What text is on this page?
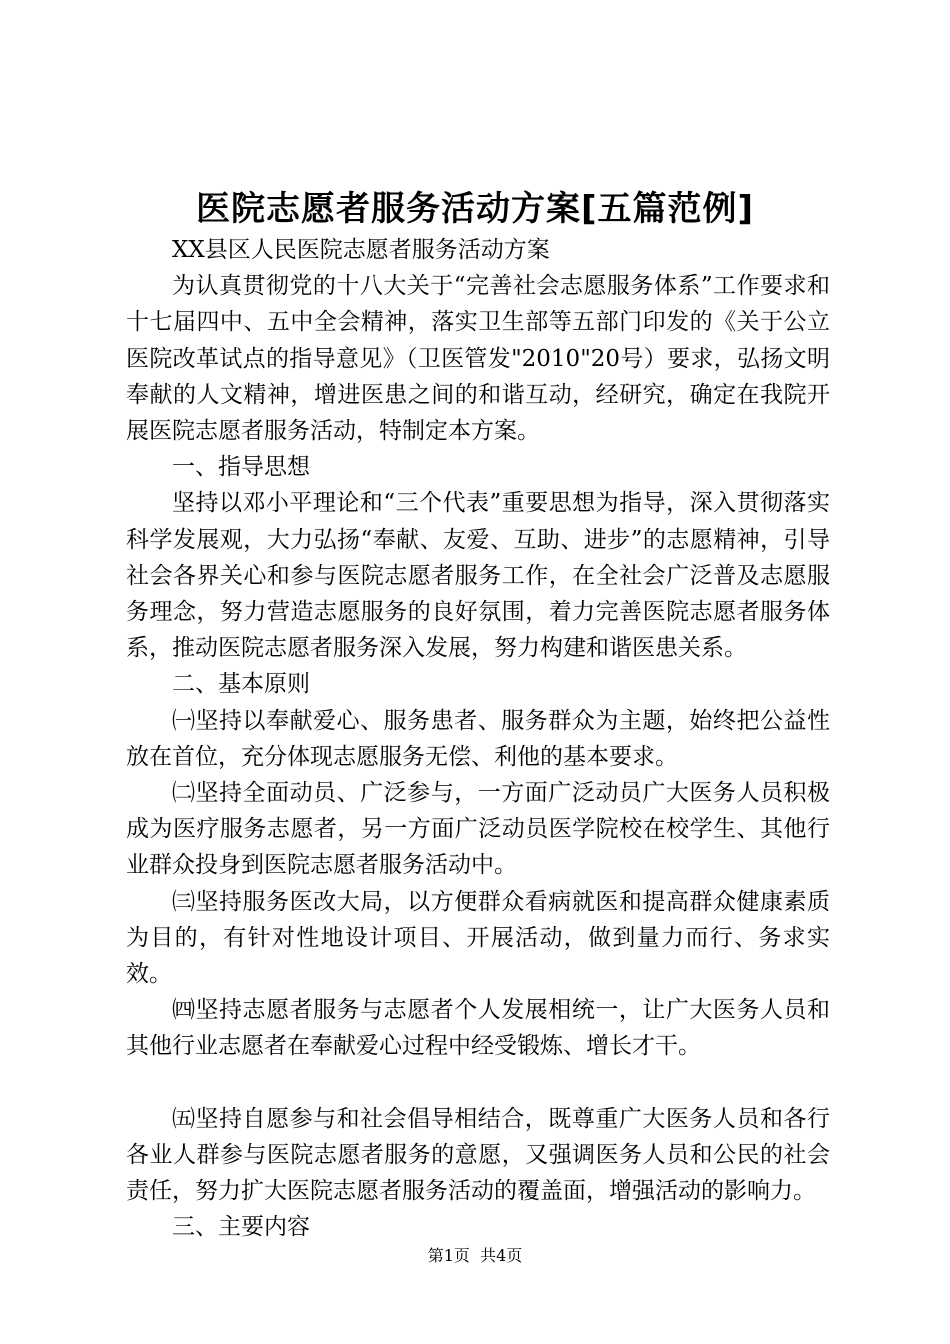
医院志愿者服务活动方案[五篇范例]

XX县区人民医院志愿者服务活动方案

为认真贯彻党的十八大关于“完善社会志愿服务体系”工作要求和十七届四中、五中全会精神，落实卫生部等五部门印发的《关于公立医院改革试点的指导意见》（卫医管发"2010"20号）要求，弘扬文明奉献的人文精神，增进医患之间的和谐互动，经研究，确定在我院开展医院志愿者服务活动，特制定本方案。

一、指导思想

坚持以邓小平理论和“三个代表”重要思想为指导，深入贯彻落实科学发展观，大力弘扬“奉献、友爱、互助、进步”的志愿精神，引导社会各界关心和参与医院志愿者服务工作，在全社会广泛普及志愿服务理念，努力营造志愿服务的良好氛围，着力完善医院志愿者服务体系，推动医院志愿者服务深入发展，努力构建和谐医患关系。

二、基本原则

㈠坚持以奉献爱心、服务患者、服务群众为主题，始终把公益性放在首位，充分体现志愿服务无偿、利他的基本要求。

㈡坚持全面动员、广泛参与，一方面广泛动员广大医务人员积极成为医疗服务志愿者，另一方面广泛动员医学院校在校学生、其他行业群众投身到医院志愿者服务活动中。

㈢坚持服务医改大局，以方便群众看病就医和提高群众健康素质为目的，有针对性地设计项目、开展活动，做到量力而行、务求实效。

㈣坚持志愿者服务与志愿者个人发展相统一，让广大医务人员和其他行业志愿者在奉献爱心过程中经受锻炼、增长才干。

㈤坚持自愿参与和社会倡导相结合，既尊重广大医务人员和各行各业人群参与医院志愿者服务的意愿，又强调医务人员和公民的社会责任，努力扩大医院志愿者服务活动的覆盖面，增强活动的影响力。

三、主要内容

第1页 共4页
